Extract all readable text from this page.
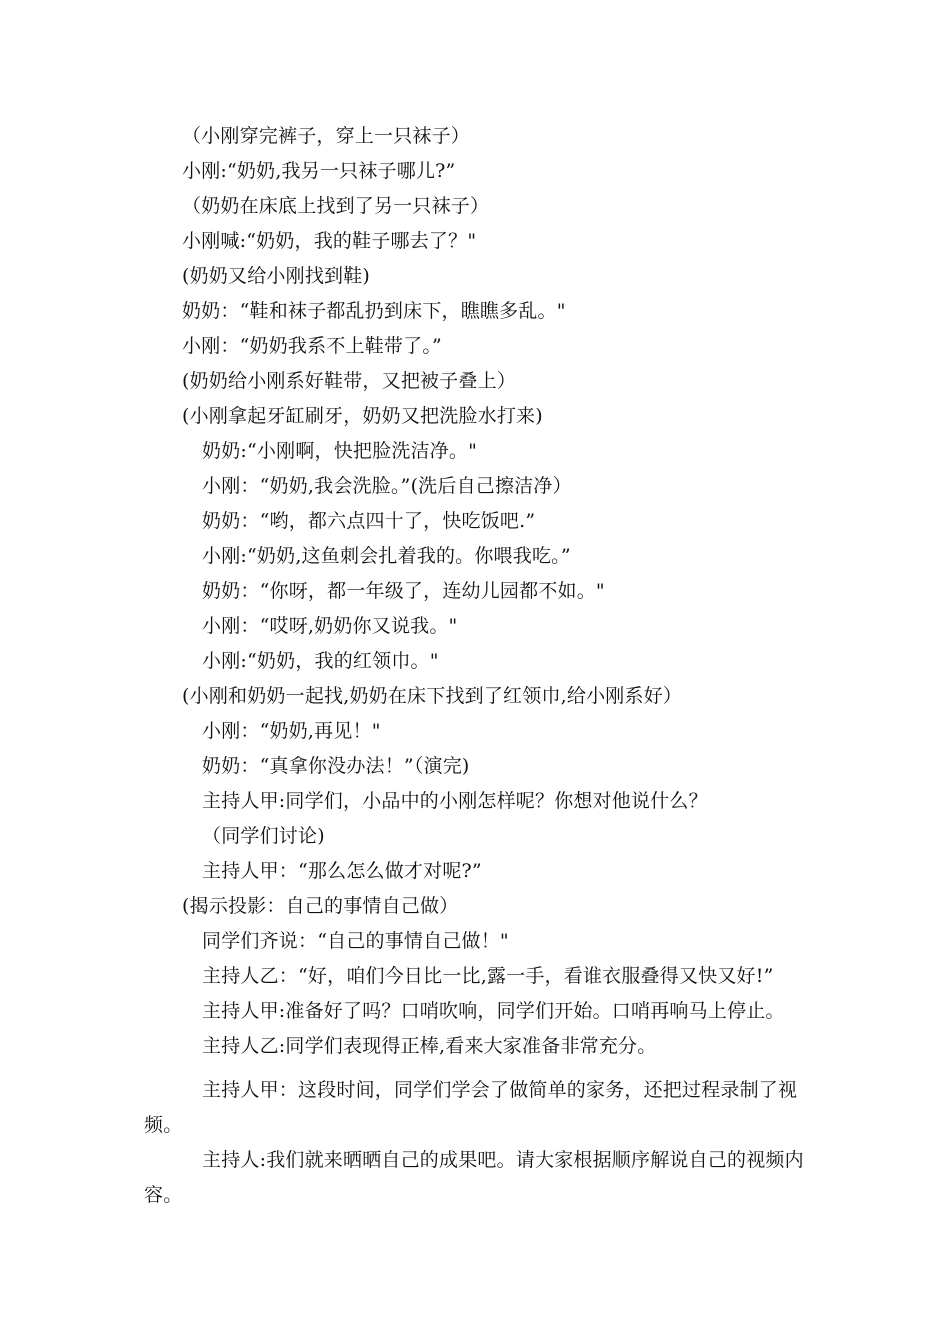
（小刚穿完裤子，穿上一只袜子）
小刚:“奶奶,我另一只袜子哪儿?”
（奶奶在床底上找到了另一只袜子）
小刚喊:“奶奶，我的鞋子哪去了？"
(奶奶又给小刚找到鞋)
奶奶：“鞋和袜子都乱扔到床下，瞧瞧多乱。"
小刚：“奶奶我系不上鞋带了。”
(奶奶给小刚系好鞋带，又把被子叠上）
(小刚拿起牙缸刷牙，奶奶又把洗脸水打来)
奶奶:“小刚啊，快把脸洗洁净。"
小刚：“奶奶,我会洗脸。”(洗后自己擦洁净）
奶奶：“哟，都六点四十了，快吃饭吧.”
小刚:“奶奶,这鱼刺会扎着我的。你喂我吃。”
奶奶：“你呀，都一年级了，连幼儿园都不如。"
小刚：“哎呀,奶奶你又说我。"
小刚:“奶奶，我的红领巾。"
(小刚和奶奶一起找,奶奶在床下找到了红领巾,给小刚系好）
小刚：“奶奶,再见！"
奶奶：“真拿你没办法！”（演完)
主持人甲:同学们，小品中的小刚怎样呢？你想对他说什么？
（同学们讨论)
主持人甲：“那么怎么做才对呢?”
(揭示投影：自己的事情自己做）
同学们齐说：“自己的事情自己做！"
主持人乙：“好，咱们今日比一比,露一手，看谁衣服叠得又快又好!”
主持人甲:准备好了吗？口哨吹响，同学们开始。口哨再响马上停止。
主持人乙:同学们表现得正棒,看来大家准备非常充分。
主持人甲：这段时间，同学们学会了做简单的家务，还把过程录制了视频。
主持人:我们就来晒晒自己的成果吧。请大家根据顺序解说自己的视频内容。
